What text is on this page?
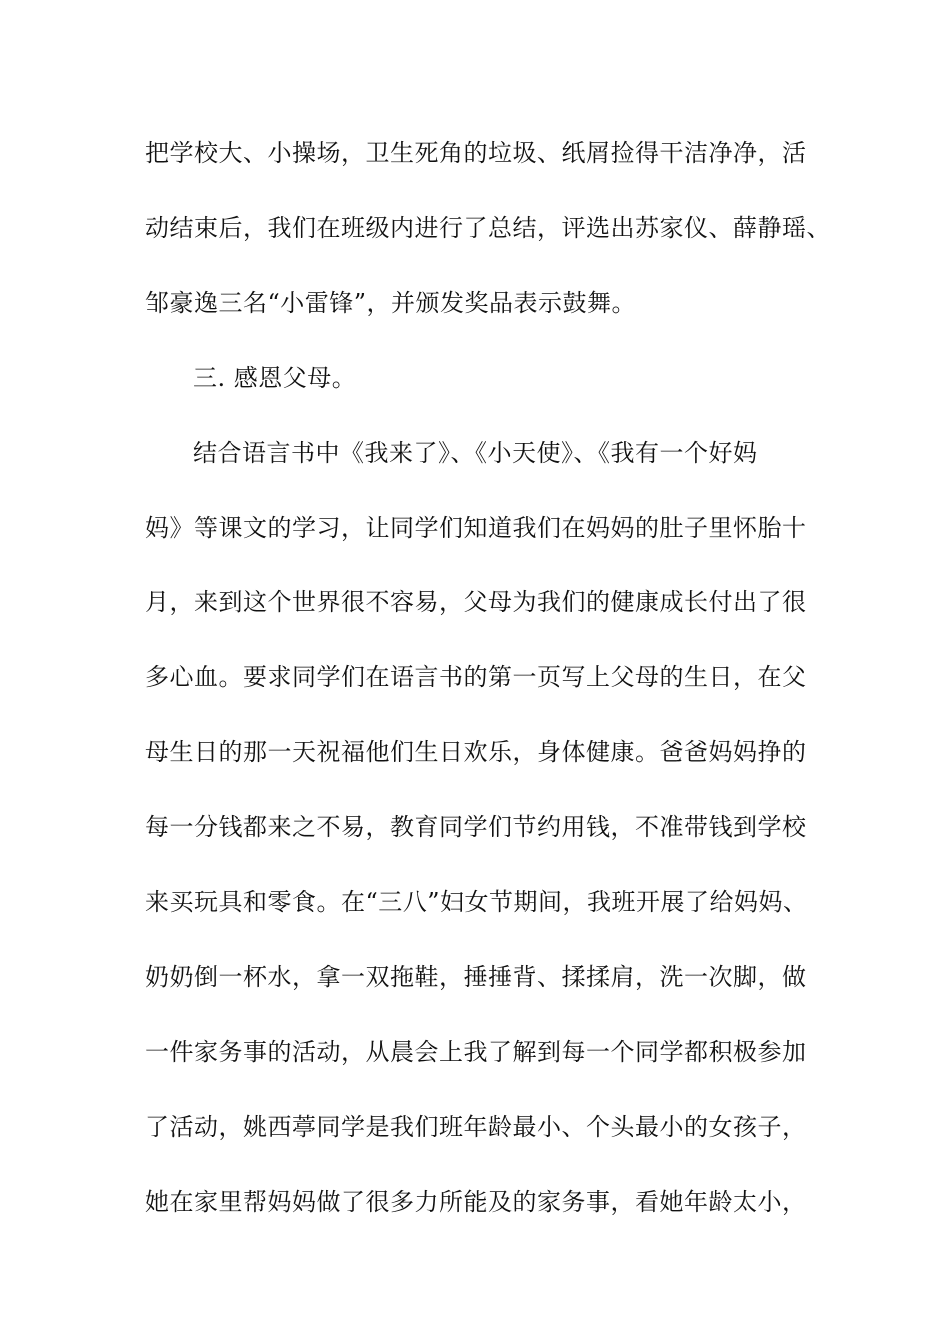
把学校大、小操场，卫生死角的垃圾、纸屑捡得干洁净净，活
动结束后，我们在班级内进行了总结，评选出苏家仪、薛静瑶、
邹豪逸三名“小雷锋”，并颁发奖品表示鼓舞。
三. 感恩父母。
结合语言书中《我来了》、《小天使》、《我有一个好妈
妈》等课文的学习，让同学们知道我们在妈妈的肚子里怀胎十
月，来到这个世界很不容易，父母为我们的健康成长付出了很
多心血。要求同学们在语言书的第一页写上父母的生日，在父
母生日的那一天祝福他们生日欢乐，身体健康。爸爸妈妈挣的
每一分钱都来之不易，教育同学们节约用钱，不准带钱到学校
来买玩具和零食。在“三八”妇女节期间，我班开展了给妈妈、
奶奶倒一杯水，拿一双拖鞋，捶捶背、揉揉肩，洗一次脚，做
一件家务事的活动，从晨会上我了解到每一个同学都积极参加
了活动，姚西葶同学是我们班年龄最小、个头最小的女孩子，
她在家里帮妈妈做了很多力所能及的家务事，看她年龄太小，
